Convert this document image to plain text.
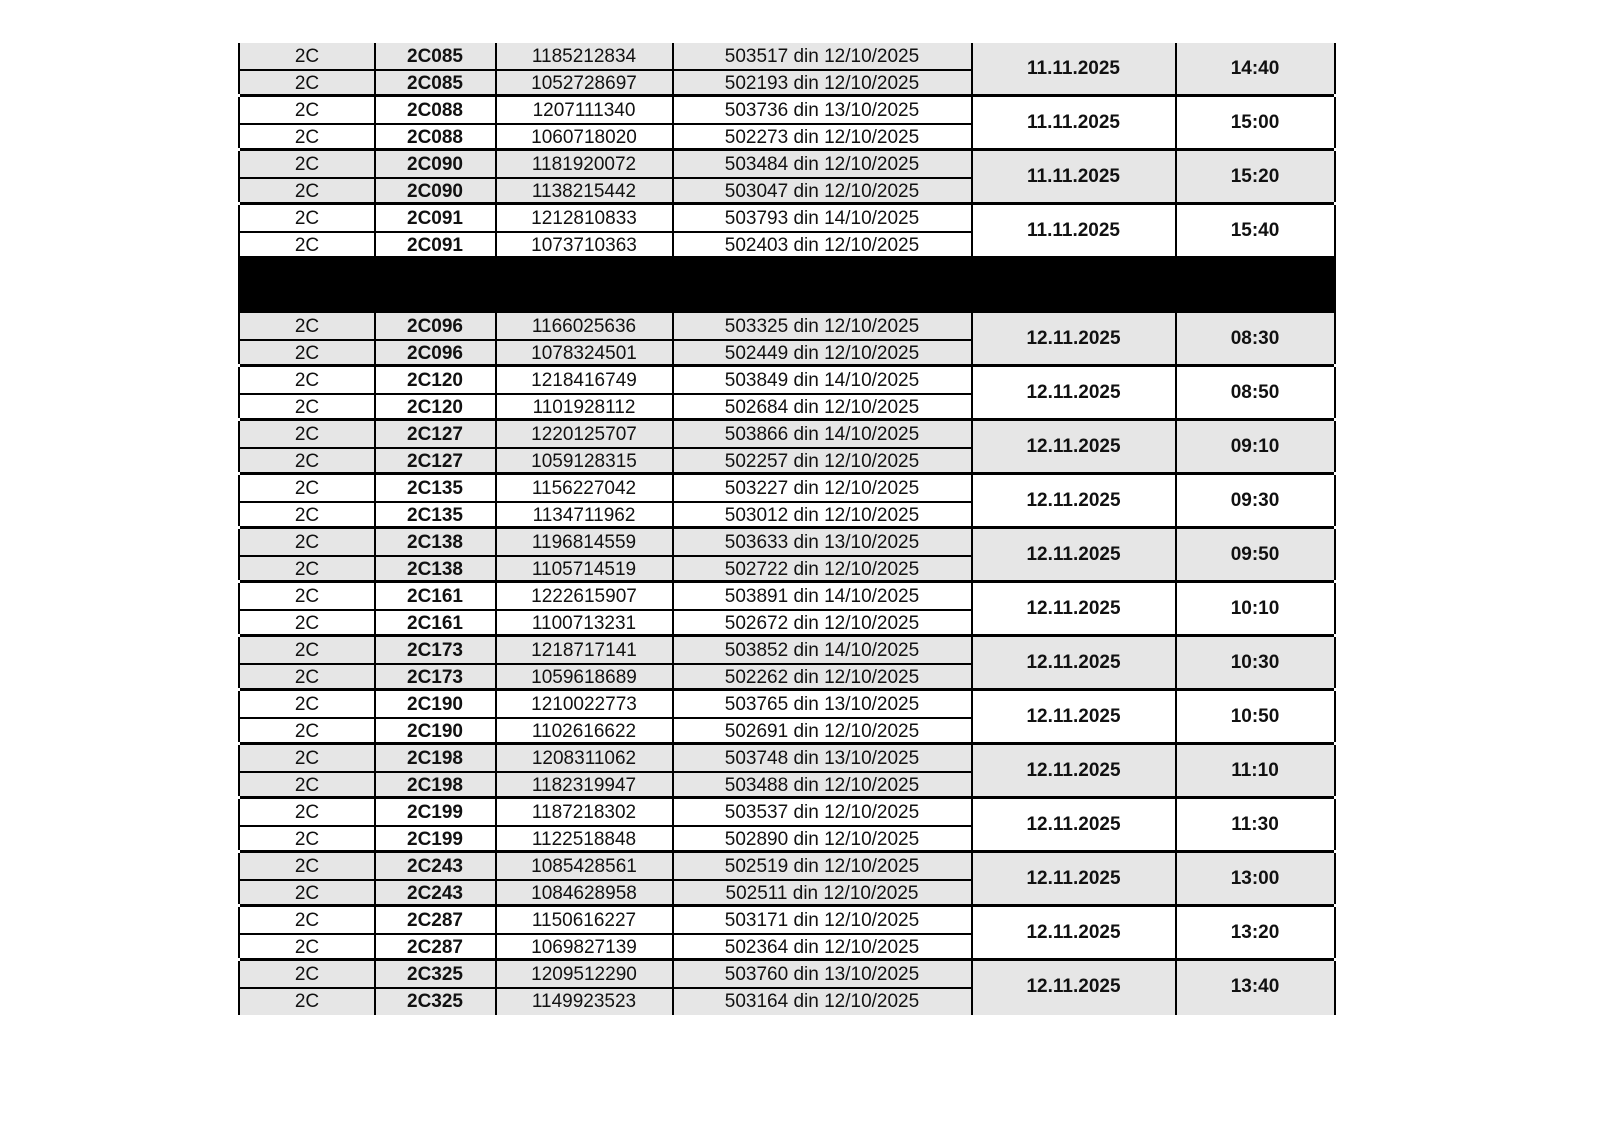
2C	2C085	1185212834	503517 din 12/10/2025
2C	2C085	1052728697	502193 din 12/10/2025
11.11.2025	14:40
2C	2C088	1207111340	503736 din 13/10/2025
2C	2C088	1060718020	502273 din 12/10/2025
11.11.2025	15:00
2C	2C090	1181920072	503484 din 12/10/2025
2C	2C090	1138215442	503047 din 12/10/2025
11.11.2025	15:20
2C	2C091	1212810833	503793 din 14/10/2025
2C	2C091	1073710363	502403 din 12/10/2025
11.11.2025	15:40
2C	2C096	1166025636	503325 din 12/10/2025
2C	2C096	1078324501	502449 din 12/10/2025
12.11.2025	08:30
2C	2C120	1218416749	503849 din 14/10/2025
2C	2C120	1101928112	502684 din 12/10/2025
12.11.2025	08:50
2C	2C127	1220125707	503866 din 14/10/2025
2C	2C127	1059128315	502257 din 12/10/2025
12.11.2025	09:10
2C	2C135	1156227042	503227 din 12/10/2025
2C	2C135	1134711962	503012 din 12/10/2025
12.11.2025	09:30
2C	2C138	1196814559	503633 din 13/10/2025
2C	2C138	1105714519	502722 din 12/10/2025
12.11.2025	09:50
2C	2C161	1222615907	503891 din 14/10/2025
2C	2C161	1100713231	502672 din 12/10/2025
12.11.2025	10:10
2C	2C173	1218717141	503852 din 14/10/2025
2C	2C173	1059618689	502262 din 12/10/2025
12.11.2025	10:30
2C	2C190	1210022773	503765 din 13/10/2025
2C	2C190	1102616622	502691 din 12/10/2025
12.11.2025	10:50
2C	2C198	1208311062	503748 din 13/10/2025
2C	2C198	1182319947	503488 din 12/10/2025
12.11.2025	11:10
2C	2C199	1187218302	503537 din 12/10/2025
2C	2C199	1122518848	502890 din 12/10/2025
12.11.2025	11:30
2C	2C243	1085428561	502519 din 12/10/2025
2C	2C243	1084628958	502511 din 12/10/2025
12.11.2025	13:00
2C	2C287	1150616227	503171 din 12/10/2025
2C	2C287	1069827139	502364 din 12/10/2025
12.11.2025	13:20
2C	2C325	1209512290	503760 din 13/10/2025
2C	2C325	1149923523	503164 din 12/10/2025
12.11.2025	13:40
